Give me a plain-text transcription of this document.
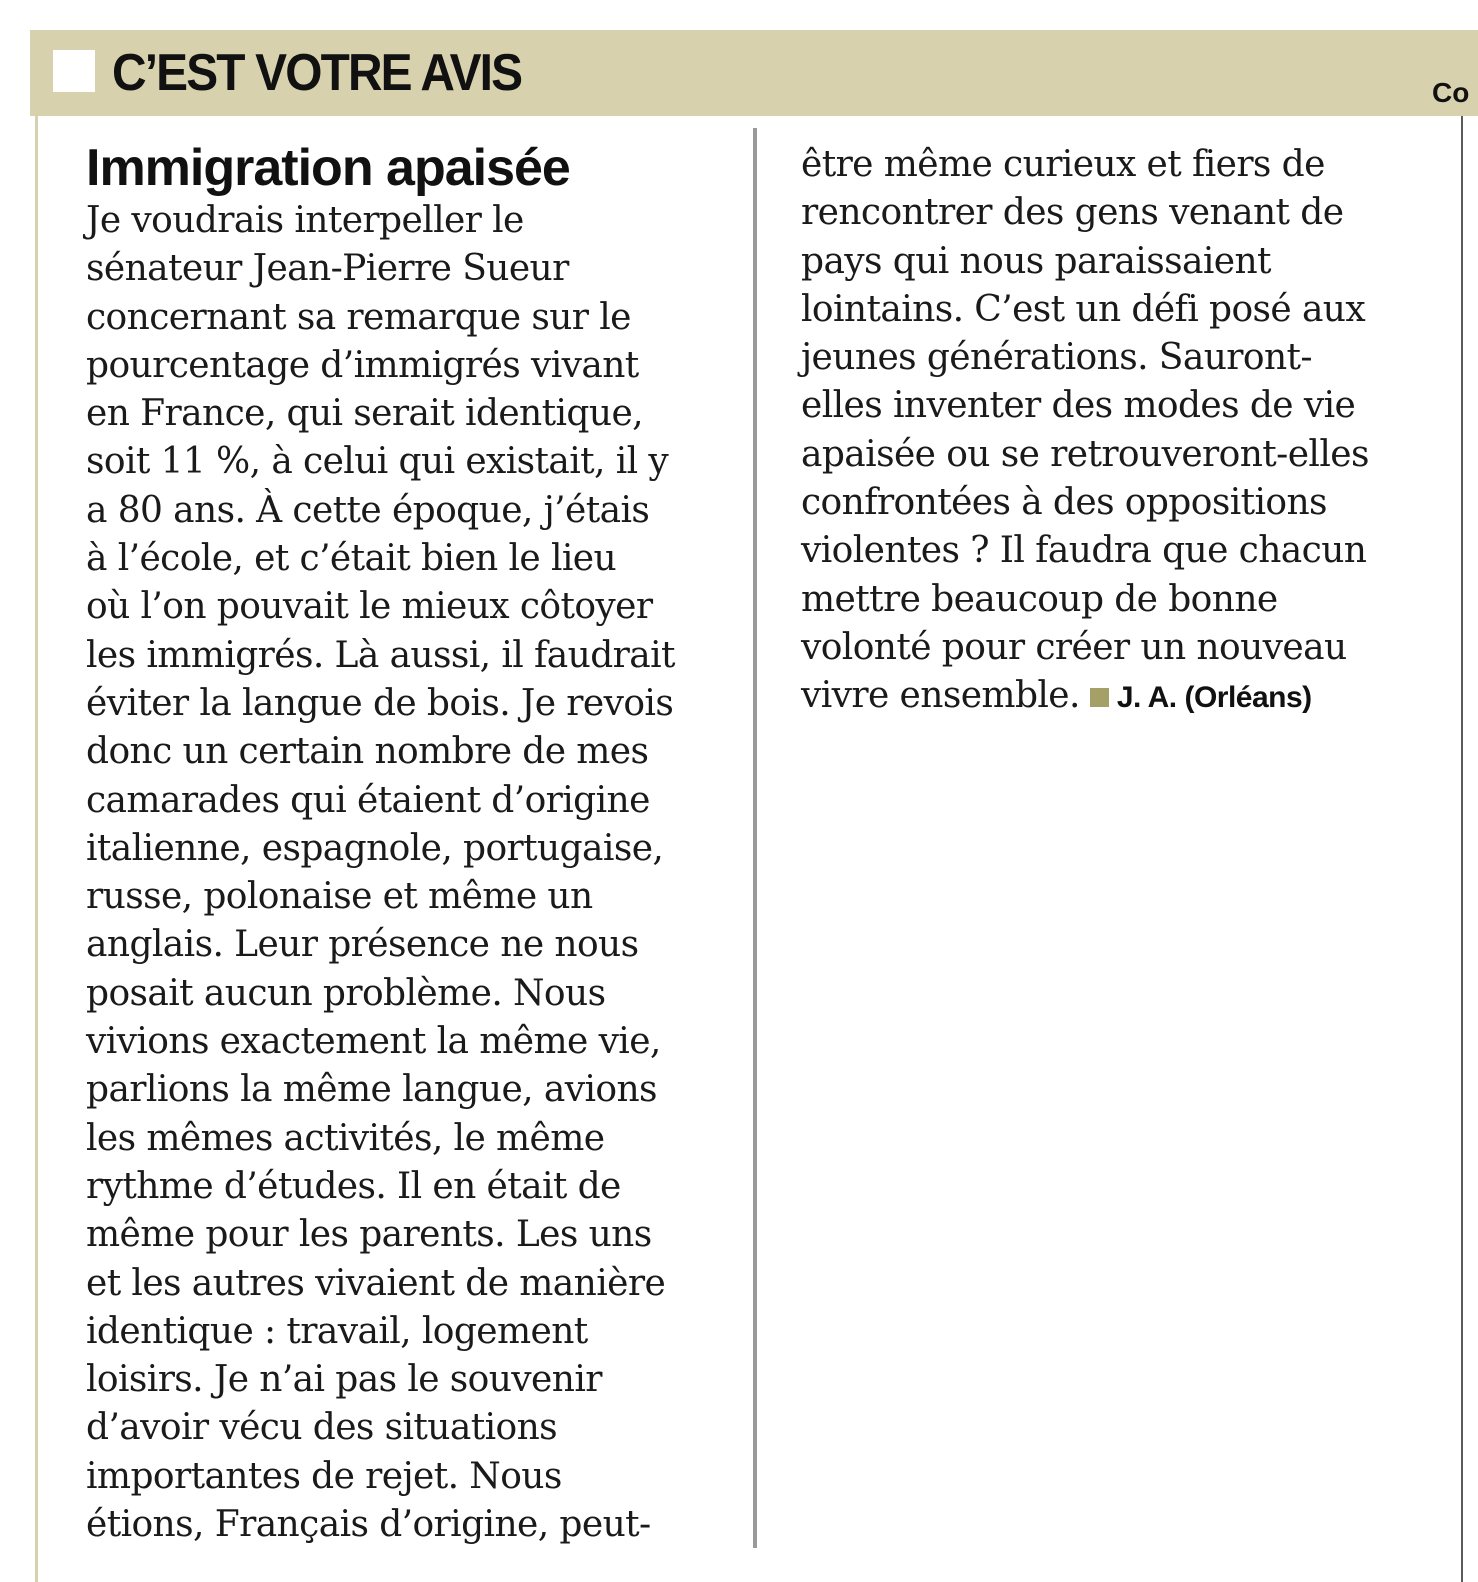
C’EST VOTRE AVIS	Co
Immigration apaisée
Je voudrais interpeller le
sénateur Jean-Pierre Sueur
concernant sa remarque sur le
pourcentage d’immigrés vivant
en France, qui serait identique,
soit 11 %, à celui qui existait, il y
a 80 ans. À cette époque, j’étais
à l’école, et c’était bien le lieu
où l’on pouvait le mieux côtoyer
les immigrés. Là aussi, il faudrait
éviter la langue de bois. Je revois
donc un certain nombre de mes
camarades qui étaient d’origine
italienne, espagnole, portugaise,
russe, polonaise et même un
anglais. Leur présence ne nous
posait aucun problème. Nous
vivions exactement la même vie,
parlions la même langue, avions
les mêmes activités, le même
rythme d’études. Il en était de
même pour les parents. Les uns
et les autres vivaient de manière
identique : travail, logement
loisirs. Je n’ai pas le souvenir
d’avoir vécu des situations
importantes de rejet. Nous
étions, Français d’origine, peut-
être même curieux et fiers de
rencontrer des gens venant de
pays qui nous paraissaient
lointains. C’est un défi posé aux
jeunes générations. Sauront-
elles inventer des modes de vie
apaisée ou se retrouveront-elles
confrontées à des oppositions
violentes ? Il faudra que chacun
mettre beaucoup de bonne
volonté pour créer un nouveau
vivre ensemble. J. A. (Orléans)
